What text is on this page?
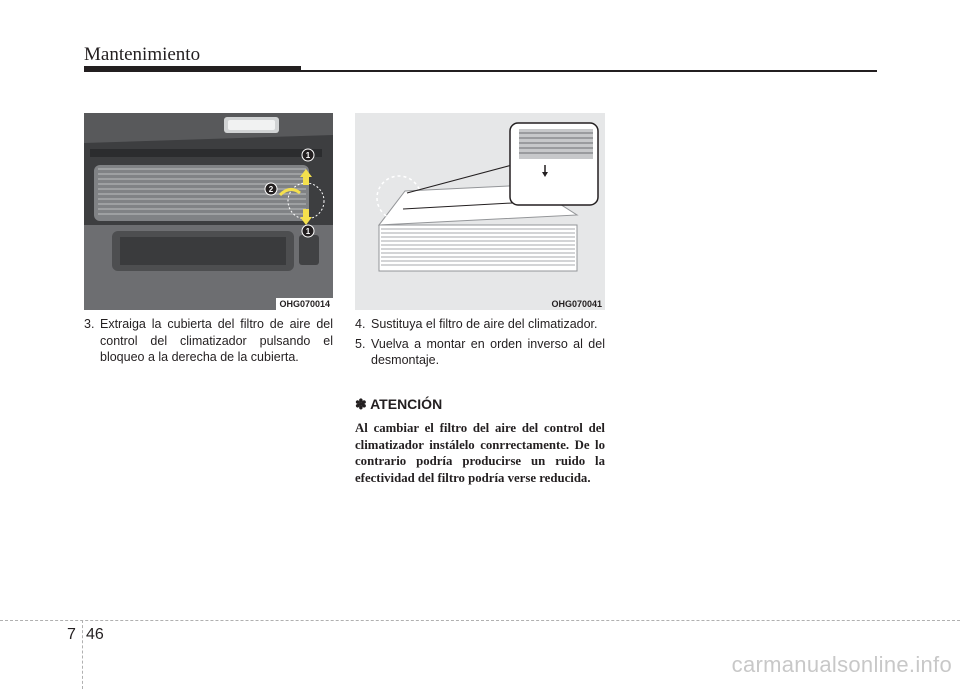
Mantenimiento
1
2
1
OHG070014	OHG070041
3. Extraiga la cubierta del filtro de aire del control del climatizador pulsando el bloqueo a la derecha de la cubierta.
4. Sustituya el filtro de aire del climatizador.
5. Vuelva a montar en orden inverso al del desmontaje.
✽ ATENCIÓN
Al cambiar el filtro del aire del control del climatizador instálelo conrrectamente. De lo contrario podría producirse un ruido la efectividad del filtro podría verse reducida.
7 46
carmanualsonline.info
